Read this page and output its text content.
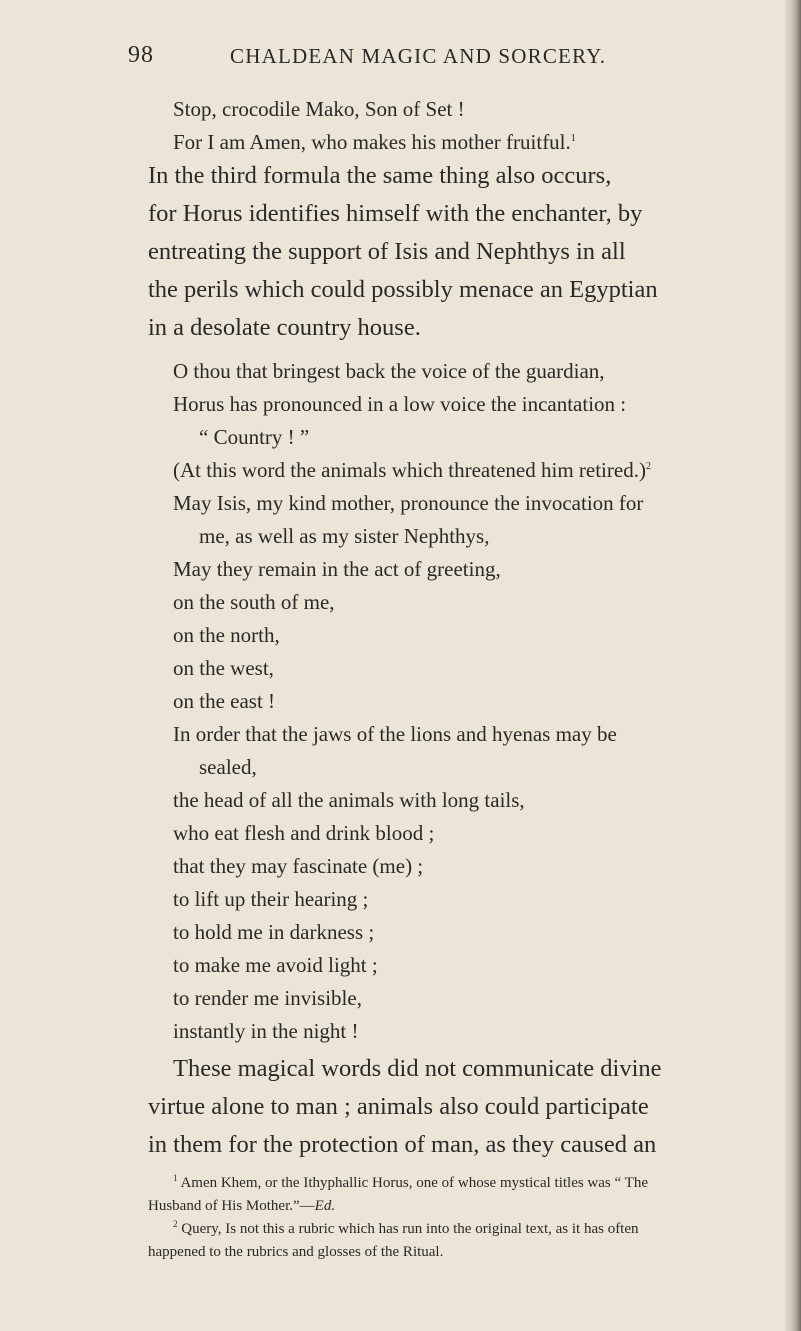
98	CHALDEAN MAGIC AND SORCERY.
Stop, crocodile Mako, Son of Set !
For I am Amen, who makes his mother fruitful.$^1$
In the third formula the same thing also occurs,
for Horus identifies himself with the enchanter, by
entreating the support of Isis and Nephthys in all
the perils which could possibly menace an Egyptian
in a desolate country house.
O thou that bringest back the voice of the guardian,
Horus has pronounced in a low voice the incantation :
“ Country ! ”
(At this word the animals which threatened him retired.)$^2$
May Isis, my kind mother, pronounce the invocation for
me, as well as my sister Nephthys,
May they remain in the act of greeting,
on the south of me,
on the north,
on the west,
on the east !
In order that the jaws of the lions and hyenas may be
sealed,
the head of all the animals with long tails,
who eat flesh and drink blood ;
that they may fascinate (me) ;
to lift up their hearing ;
to hold me in darkness ;
to make me avoid light ;
to render me invisible,
instantly in the night !
These magical words did not communicate divine
virtue alone to man ; animals also could participate
in them for the protection of man, as they caused an
$^1$ Amen Khem, or the Ithyphallic Horus, one of whose mystical titles was “ The
Husband of His Mother.”—Ed.
$^2$ Query, Is not this a rubric which has run into the original text, as it has often
happened to the rubrics and glosses of the Ritual.
